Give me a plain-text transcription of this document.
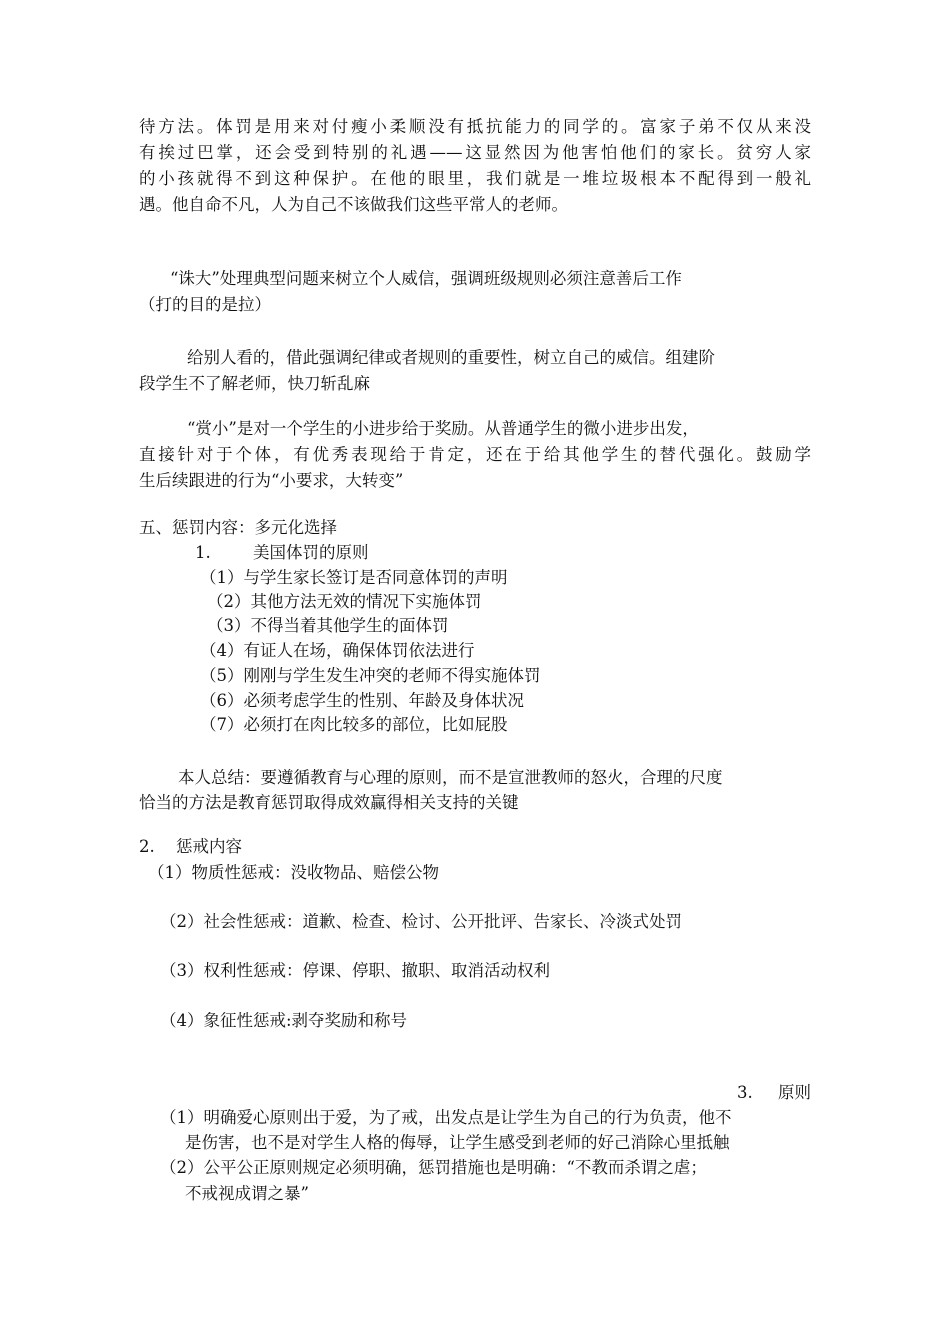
待方法。体罚是用来对付瘦小柔顺没有抵抗能力的同学的。富家子弟不仅从来没
有挨过巴掌，还会受到特别的礼遇——这显然因为他害怕他们的家长。贫穷人家
的小孩就得不到这种保护。在他的眼里，我们就是一堆垃圾根本不配得到一般礼
遇。他自命不凡，人为自己不该做我们这些平常人的老师。
“诛大”处理典型问题来树立个人威信，强调班级规则必须注意善后工作
（打的目的是拉）
给别人看的，借此强调纪律或者规则的重要性，树立自己的威信。组建阶
段学生不了解老师，快刀斩乱麻
“赏小”是对一个学生的小进步给于奖励。从普通学生的微小进步出发，
直接针对于个体，有优秀表现给于肯定，还在于给其他学生的替代强化。鼓励学
生后续跟进的行为“小要求，大转变”
五、惩罚内容：多元化选择
1.	美国体罚的原则
（1）与学生家长签订是否同意体罚的声明
（2）其他方法无效的情况下实施体罚
（3）不得当着其他学生的面体罚
（4）有证人在场，确保体罚依法进行
（5）刚刚与学生发生冲突的老师不得实施体罚
（6）必须考虑学生的性别、年龄及身体状况
（7）必须打在肉比较多的部位，比如屁股
本人总结：要遵循教育与心理的原则，而不是宣泄教师的怒火，合理的尺度
恰当的方法是教育惩罚取得成效赢得相关支持的关键
2. 惩戒内容
（1）物质性惩戒：没收物品、赔偿公物
（2）社会性惩戒：道歉、检查、检讨、公开批评、告家长、冷淡式处罚
（3）权利性惩戒：停课、停职、撤职、取消活动权利
（4）象征性惩戒:剥夺奖励和称号
3. 原则
（1）明确爱心原则出于爱，为了戒，出发点是让学生为自己的行为负责，他不
是伤害，也不是对学生人格的侮辱，让学生感受到老师的好己消除心里抵触
（2）公平公正原则规定必须明确，惩罚措施也是明确：“不教而杀谓之虐；
不戒视成谓之暴”
